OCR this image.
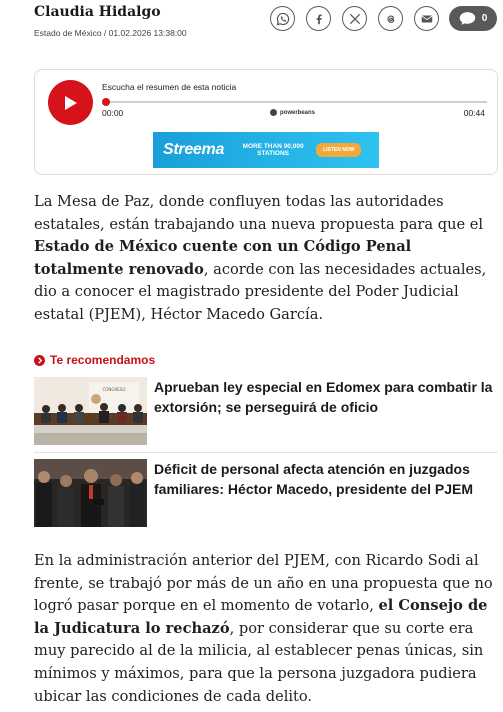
Claudia Hidalgo
Estado de México / 01.02.2026 13:38:00
0
Escucha el resumen de esta noticia
00:00	powerbeans	00:44
Streema	MORE THAN 90,000 STATIONS	LISTEN NOW

La Mesa de Paz, donde confluyen todas las autoridades estatales, están trabajando una nueva propuesta para que el Estado de México cuente con un Código Penal totalmente renovado, acorde con las necesidades actuales, dio a conocer el magistrado presidente del Poder Judicial estatal (PJEM), Héctor Macedo García.

Te recomendamos
CONGRESO Aprueban ley especial en Edomex para combatir la extorsión; se perseguirá de oficio
Déficit de personal afecta atención en juzgados familiares: Héctor Macedo, presidente del PJEM

En la administración anterior del PJEM, con Ricardo Sodi al frente, se trabajó por más de un año en una propuesta que no logró pasar porque en el momento de votarlo, el Consejo de la Judicatura lo rechazó, por considerar que su corte era muy parecido al de la milicia, al establecer penas únicas, sin mínimos y máximos, para que la persona juzgadora pudiera ubicar las condiciones de cada delito.
